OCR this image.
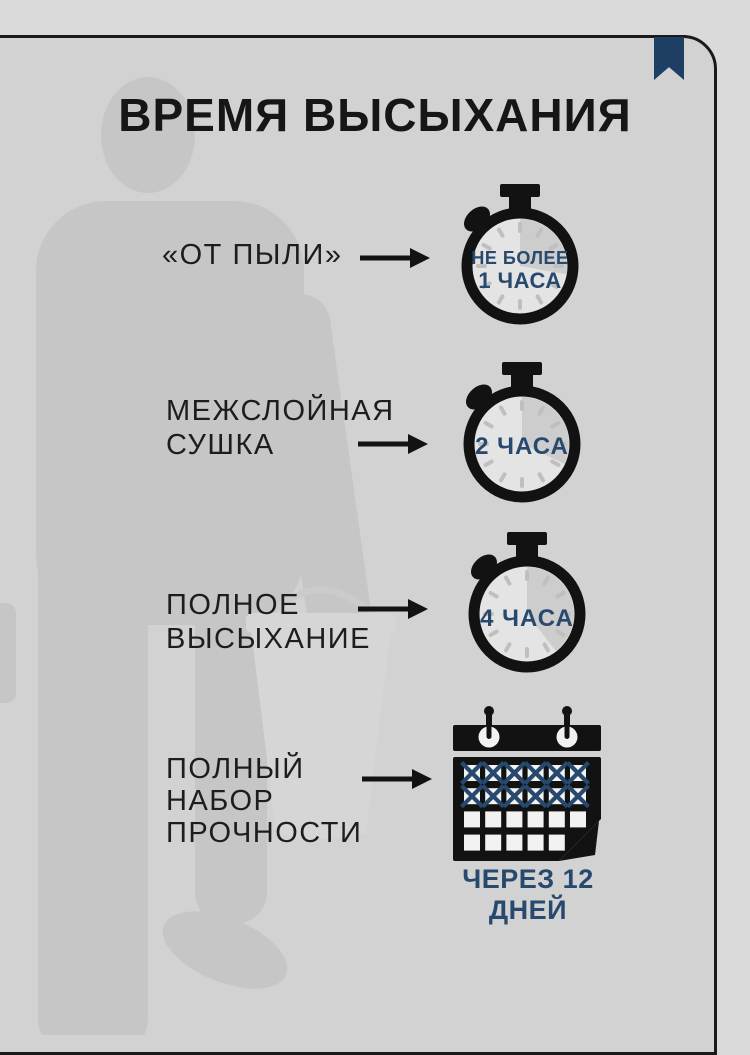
ВРЕМЯ ВЫСЫХАНИЯ
«ОТ ПЫЛИ»
МЕЖСЛОЙНАЯ
СУШКА
ПОЛНОЕ
ВЫСЫХАНИЕ
ПОЛНЫЙ
НАБОР
ПРОЧНОСТИ
НЕ БОЛЕЕ
1 ЧАСА
2 ЧАСА
4 ЧАСА
ЧЕРЕЗ 12 ДНЕЙ
